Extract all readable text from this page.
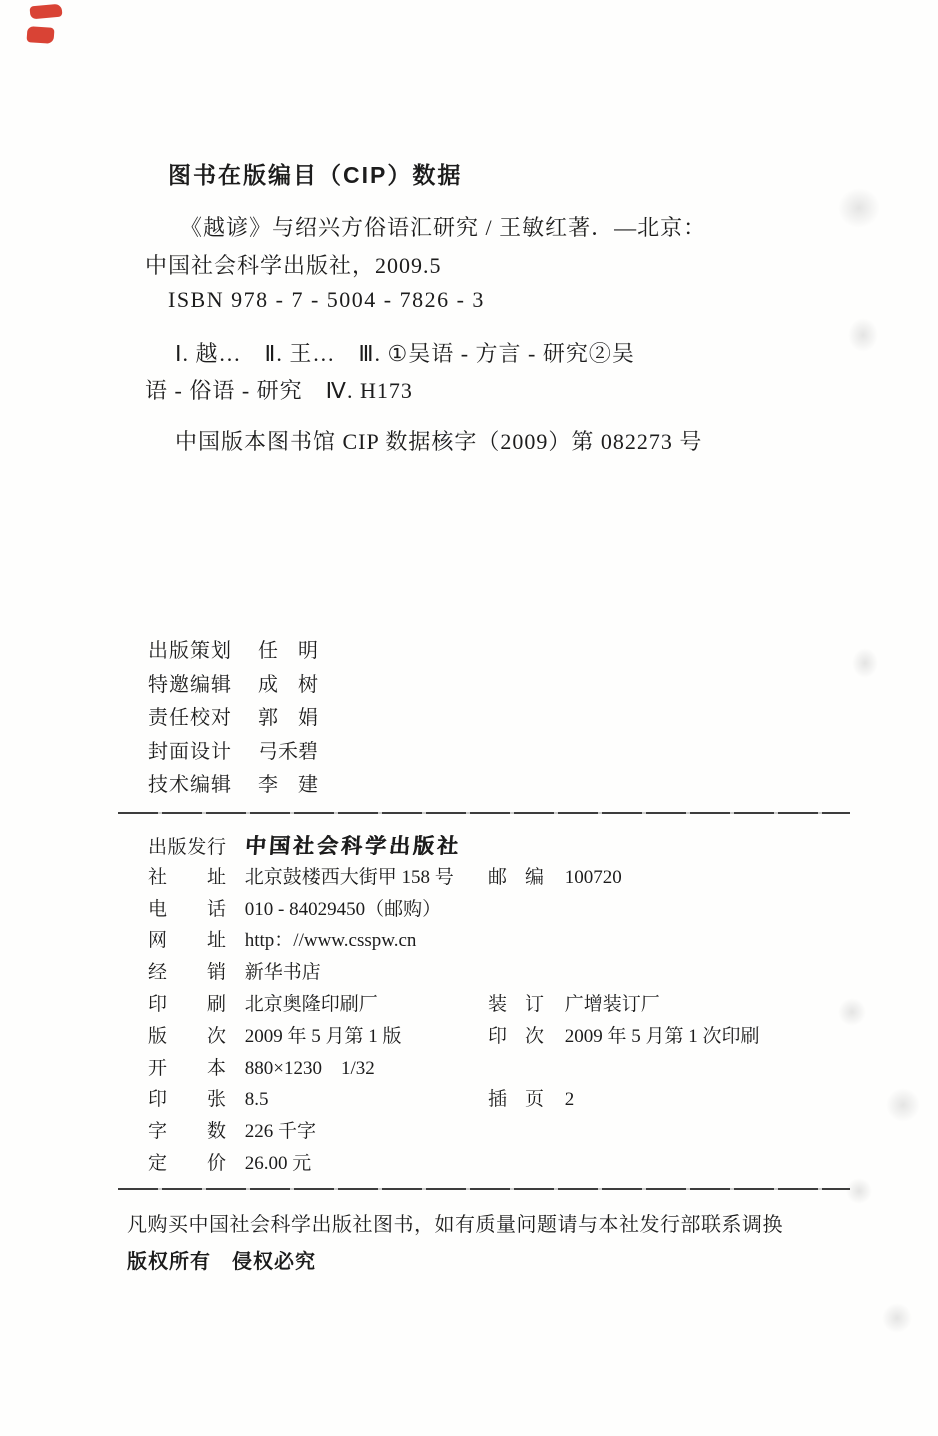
图书在版编目（CIP）数据

《越谚》与绍兴方俗语汇研究 / 王敏红著．—北京：

中国社会科学出版社，2009.5

ISBN 978 - 7 - 5004 - 7826 - 3

Ⅰ. 越…　Ⅱ. 王…　Ⅲ. ①吴语 - 方言 - 研究②吴

语 - 俗语 - 研究　Ⅳ. H173

中国版本图书馆 CIP 数据核字（2009）第 082273 号

出版策划 任　明
特邀编辑 成　树
责任校对 郭　娟
封面设计 弓禾碧
技术编辑 李　建
出版发行 中国社会科学出版社
社址 北京鼓楼西大街甲 158 号 邮编 100720
电话 010 - 84029450（邮购）
网址 http：//www.csspw.cn
经销 新华书店
印刷 北京奥隆印刷厂	装订 广增装订厂
版次 2009 年 5 月第 1 版	印次 2009 年 5 月第 1 次印刷
开本 880×1230　1/32
印张 8.5	插页 2
字数 226 千字
定价 26.00 元

凡购买中国社会科学出版社图书，如有质量问题请与本社发行部联系调换

版权所有　侵权必究
